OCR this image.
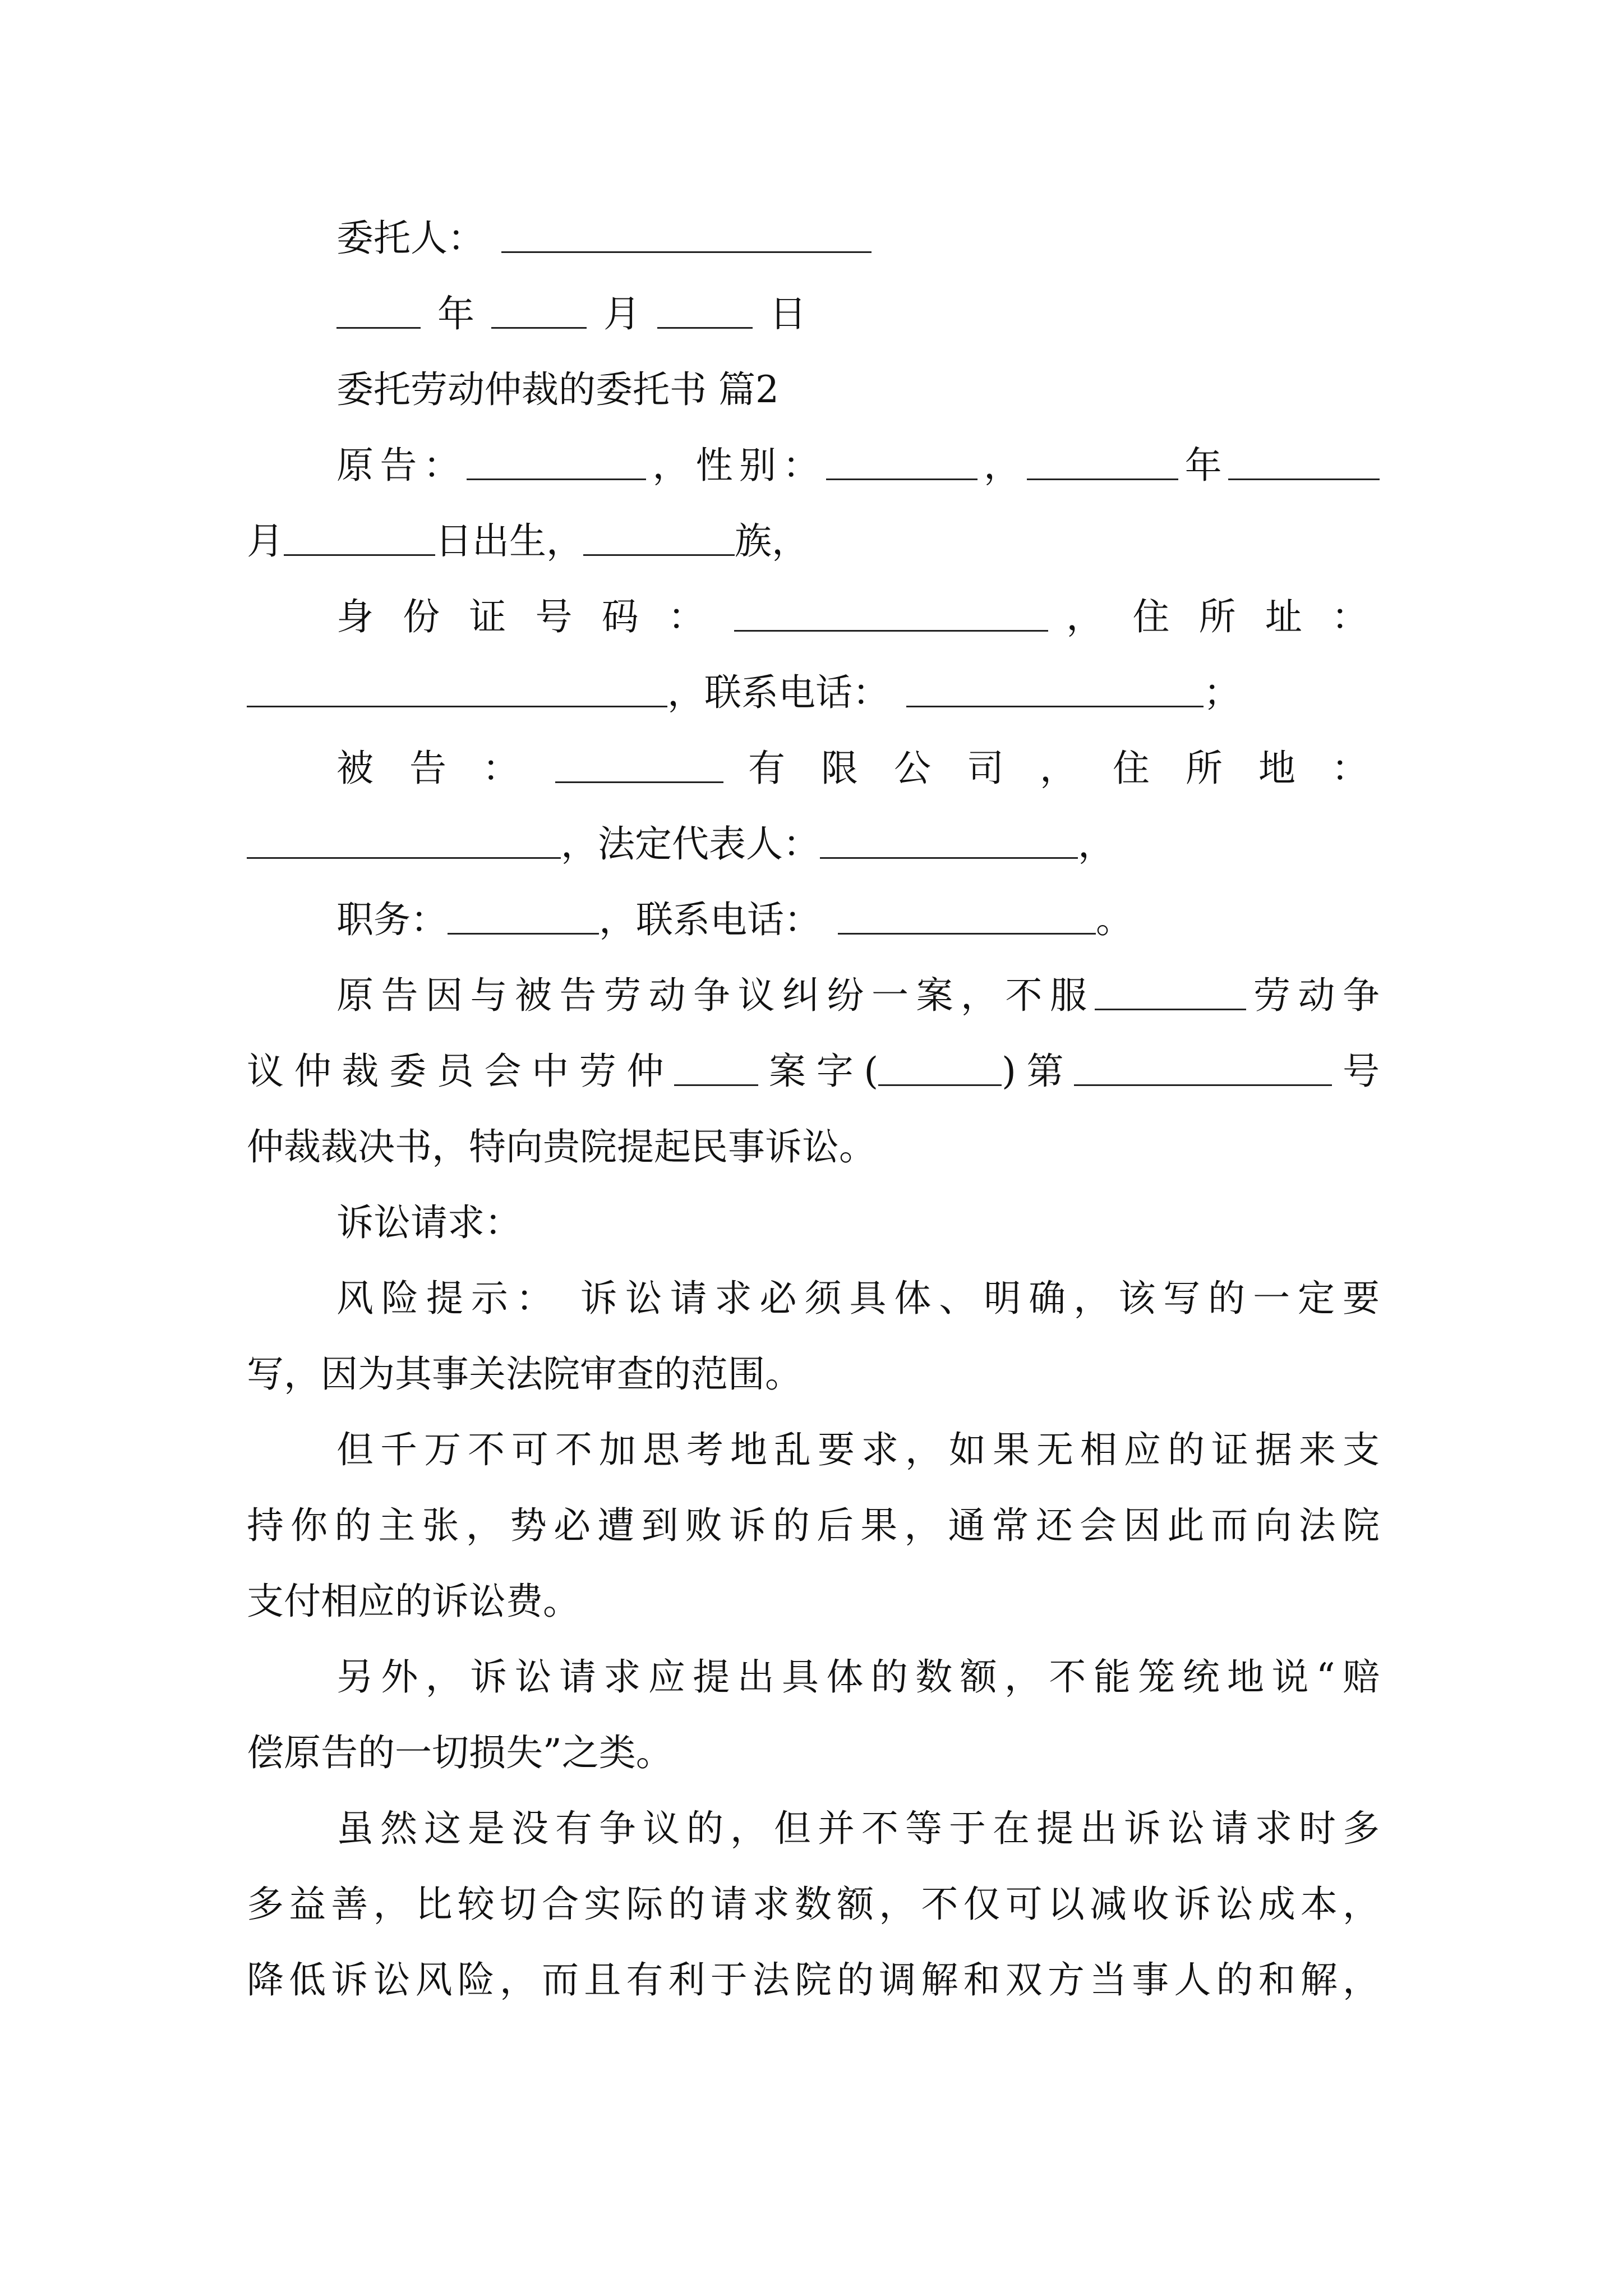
委托人：
年	月	日
委托劳动仲裁的委托书 篇2
原告：	，性别：	，	年
月	日出生，	族，
身份证号码：	，住所址：
，联系电话：	；
被告：	有限公司，住所地：
，法定代表人：	，
职务：	，联系电话：	。
原告因与被告劳动争议纠纷一案，不服	劳动争
议仲裁委员会中劳仲 案字(	)第	号
仲裁裁决书，特向贵院提起民事诉讼。
诉讼请求：
风险提示： 诉讼请求必须具体、明确，该写的一定要
写，因为其事关法院审查的范围。
但千万不可不加思考地乱要求，如果无相应的证据来支
持你的主张，势必遭到败诉的后果，通常还会因此而向法院
支付相应的诉讼费。
另外，诉讼请求应提出具体的数额，不能笼统地说“赔
偿原告的一切损失”之类。
虽然这是没有争议的，但并不等于在提出诉讼请求时多
多益善，比较切合实际的请求数额，不仅可以减收诉讼成本，
降低诉讼风险，而且有利于法院的调解和双方当事人的和解，
